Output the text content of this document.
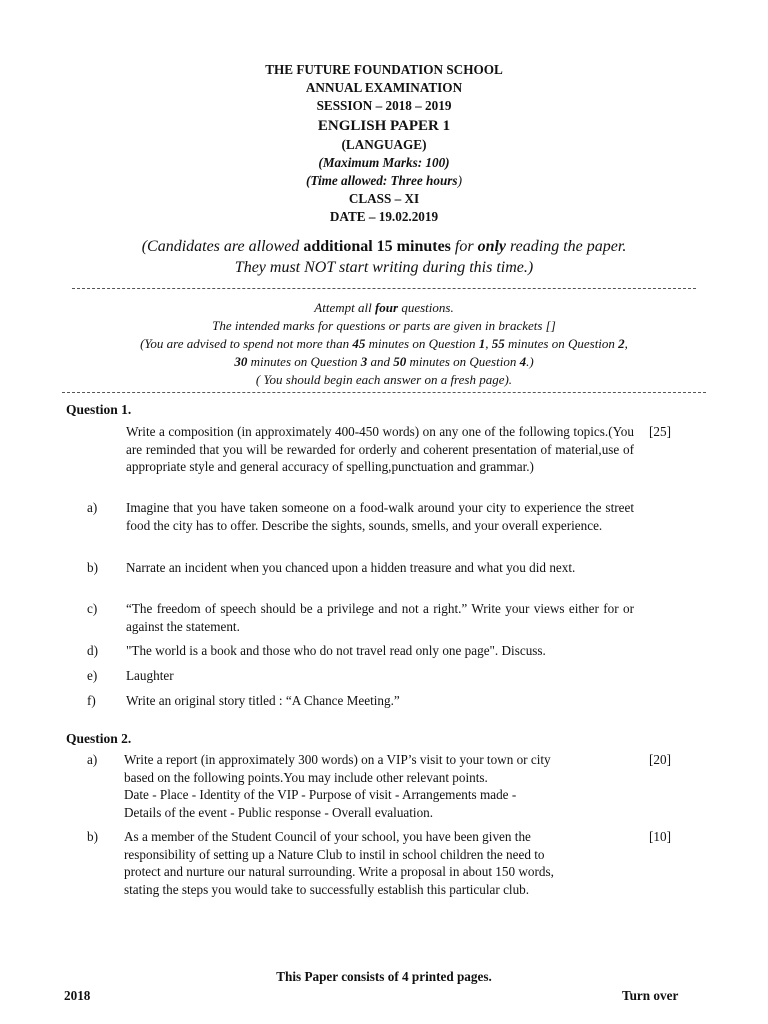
THE FUTURE FOUNDATION SCHOOL
ANNUAL EXAMINATION
SESSION – 2018 – 2019
ENGLISH PAPER 1
(LANGUAGE)
(Maximum Marks: 100)
(Time allowed: Three hours)
CLASS – XI
DATE – 19.02.2019
(Candidates are allowed additional 15 minutes for only reading the paper.
They must NOT start writing during this time.)
Attempt all four questions.
The intended marks for questions or parts are given in brackets []
(You are advised to spend not more than 45 minutes on Question 1, 55 minutes on Question 2,
30 minutes on Question 3 and 50 minutes on Question 4.)
( You should begin each answer on a fresh page).
Question 1.
Write a composition (in approximately 400-450 words) on any one of the following topics.(You are reminded that you will be rewarded for orderly and coherent presentation of material,use of appropriate style and general accuracy of spelling,punctuation and grammar.)
[25]
a) Imagine that you have taken someone on a food-walk around your city to experience the street food the city has to offer. Describe the sights, sounds, smells, and your overall experience.
b) Narrate an incident when you chanced upon a hidden treasure and what you did next.
c) “The freedom of speech should be a privilege and not a right.” Write your views either for or against the statement.
d) "The world is a book and those who do not travel read only one page". Discuss.
e) Laughter
f) Write an original story titled : “A Chance Meeting.”
Question 2.
a) Write a report (in approximately 300 words) on a VIP’s visit to your town or city
based on the following points.You may include other relevant points.
Date - Place - Identity of the VIP - Purpose of visit - Arrangements made -
Details of the event - Public response - Overall evaluation.
[20]
b) As a member of the Student Council of your school, you have been given the
responsibility of setting up a Nature Club to instil in school children the need to
protect and nurture our natural surrounding. Write a proposal in about 150 words,
stating the steps you would take to successfully establish this particular club.
[10]
This Paper consists of 4 printed pages.
2018	Turn over
